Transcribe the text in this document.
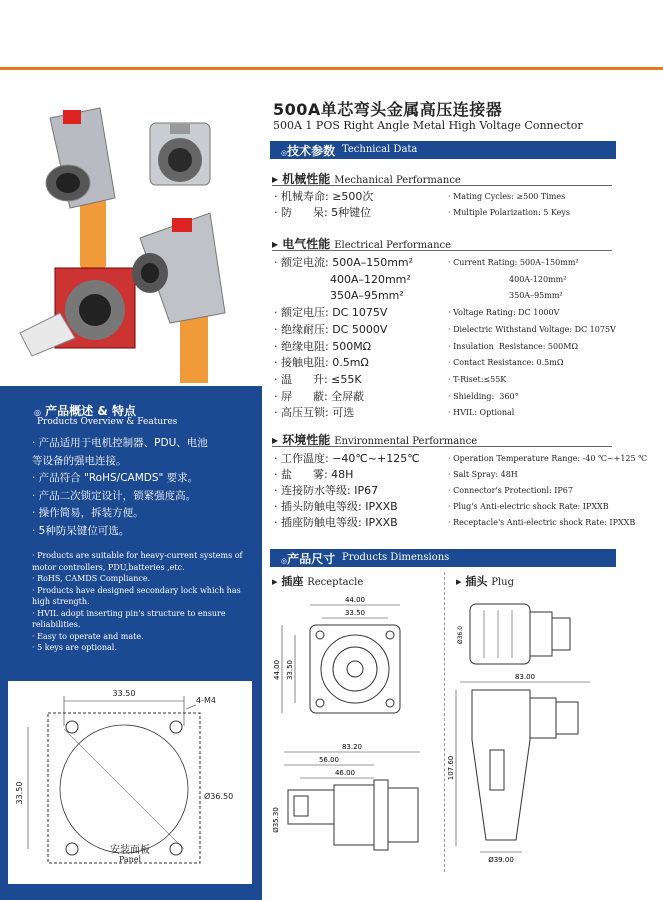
◎ 产品概述 & 特点
Products Overview & Features
· 产品适用于电机控制器、PDU、电池
等设备的强电连接。
· 产品符合 "RoHS/CAMDS" 要求。
· 产品二次锁定设计，锁紧强度高。
· 操作简易，拆装方便。
· 5种防呆键位可选。
· Products are suitable for heavy-current systems of
motor controllers, PDU,batteries ,etc.
· RoHS, CAMDS Compliance.
· Products have designed secondary lock which has
high strength.
· HVIL adopt inserting pin's structure to ensure
reliabilities.
· Easy to operate and mate.
· 5 keys are optional.
33.50
4-M4
33.50	Ø36.50
安装面板
Panel
500A单芯弯头金属高压连接器
500A 1 POS Right Angle Metal High Voltage Connector
◎技术参数 Technical Data
▸ 机械性能 Mechanical Performance
· 机械寿命: ≥500次
· 防      呆: 5种键位
· Mating Cycles: ≥500 Times
· Multiple Polarization: 5 Keys
▸ 电气性能 Electrical Performance
· 额定电流: 500A–150mm²
400A–120mm²
350A–95mm²
· 额定电压: DC 1075V
· 绝缘耐压: DC 5000V
· 绝缘电阻: 500MΩ
· 接触电阻: 0.5mΩ
· 温      升: ≤55K
· 屏      蔽: 全屏蔽
· 高压互锁: 可选
· Current Rating: 500A–150mm²
400A-120mm²
350A–95mm²
· Voltage Rating: DC 1000V
· Dielectric Withstand Voltage: DC 1075V
· Insulation  Resistance: 500MΩ
· Contact Resistance: 0.5mΩ
· T-Riset:≤55K
· Shielding:  360°
· HVIL: Optional
▸ 环境性能 Environmental Performance
· 工作温度: −40℃~+125℃
· 盐      雾: 48H
· 连接防水等级: IP67
· 插头防触电等级: IPXXB
· 插座防触电等级: IPXXB
· Operation Temperature Range: -40 ℃~+125 ℃
· Salt Spray: 48H
· Connector's Protectionl: IP67
· Plug's Anti-electric shock Rate: IPXXB
· Receptacle's Anti-electric shock Rate: IPXXB
◎产品尺寸 Products Dimensions
▸ 插座 Receptacle	▸ 插头 Plug
44.00
33.50
44.00 33.50
83.20
56.00
46.00
Ø35.30
Ø36.0
83.00
107.60
Ø39.00
